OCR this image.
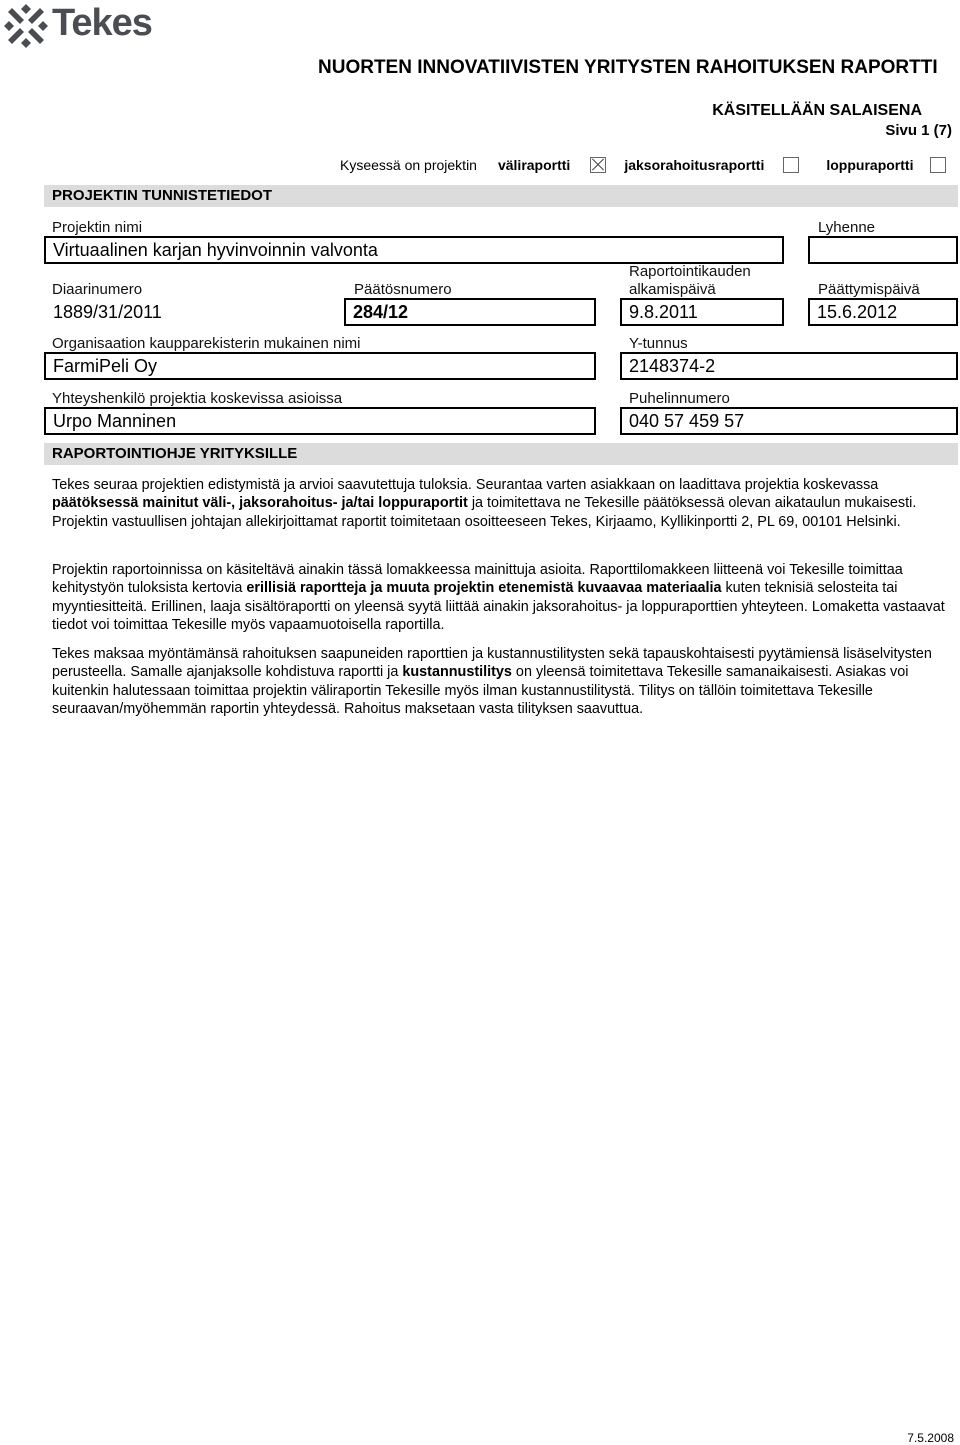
Tekes
NUORTEN INNOVATIIVISTEN YRITYSTEN RAHOITUKSEN RAPORTTI
KÄSITELLÄÄN SALAISENA
Sivu 1 (7)
Kyseessä on projektin väliraportti	jaksorahoitusraportti	loppuraportti
PROJEKTIN TUNNISTETIEDOT
Projektin nimi	Lyhenne
Virtuaalinen karjan hyvinvoinnin valvonta
Diaarinumero	Päätösnumero
Raportointikauden
alkamispäivä	Päättymispäivä
1889/31/2011	284/12	9.8.2011	15.6.2012
Organisaation kaupparekisterin mukainen nimi	Y-tunnus
FarmiPeli Oy	2148374-2
Yhteyshenkilö projektia koskevissa asioissa	Puhelinnumero
Urpo Manninen	040 57 459 57
RAPORTOINTIOHJE YRITYKSILLE
Tekes seuraa projektien edistymistä ja arvioi saavutettuja tuloksia. Seurantaa varten asiakkaan on laadittava projektia koskevassa päätöksessä mainitut väli-, jaksorahoitus- ja/tai loppuraportit ja toimitettava ne Tekesille päätöksessä olevan aikataulun mukaisesti. Projektin vastuullisen johtajan allekirjoittamat raportit toimitetaan osoitteeseen Tekes, Kirjaamo, Kyllikinportti 2, PL 69, 00101 Helsinki.
Projektin raportoinnissa on käsiteltävä ainakin tässä lomakkeessa mainittuja asioita. Raporttilomakkeen liitteenä voi Tekesille toimittaa kehitystyön tuloksista kertovia erillisiä raportteja ja muuta projektin etenemistä kuvaavaa materiaalia kuten teknisiä selosteita tai myyntiesitteitä. Erillinen, laaja sisältöraportti on yleensä syytä liittää ainakin jaksorahoitus- ja loppuraporttien yhteyteen. Lomaketta vastaavat tiedot voi toimittaa Tekesille myös vapaamuotoisella raportilla.
Tekes maksaa myöntämänsä rahoituksen saapuneiden raporttien ja kustannustilitysten sekä tapauskohtaisesti pyytämiensä lisäselvitysten perusteella. Samalle ajanjaksolle kohdistuva raportti ja kustannustilitys on yleensä toimitettava Tekesille samanaikaisesti. Asiakas voi kuitenkin halutessaan toimittaa projektin väliraportin Tekesille myös ilman kustannustilitystä. Tilitys on tällöin toimitettava Tekesille seuraavan/myöhemmän raportin yhteydessä. Rahoitus maksetaan vasta tilityksen saavuttua.
7.5.2008
